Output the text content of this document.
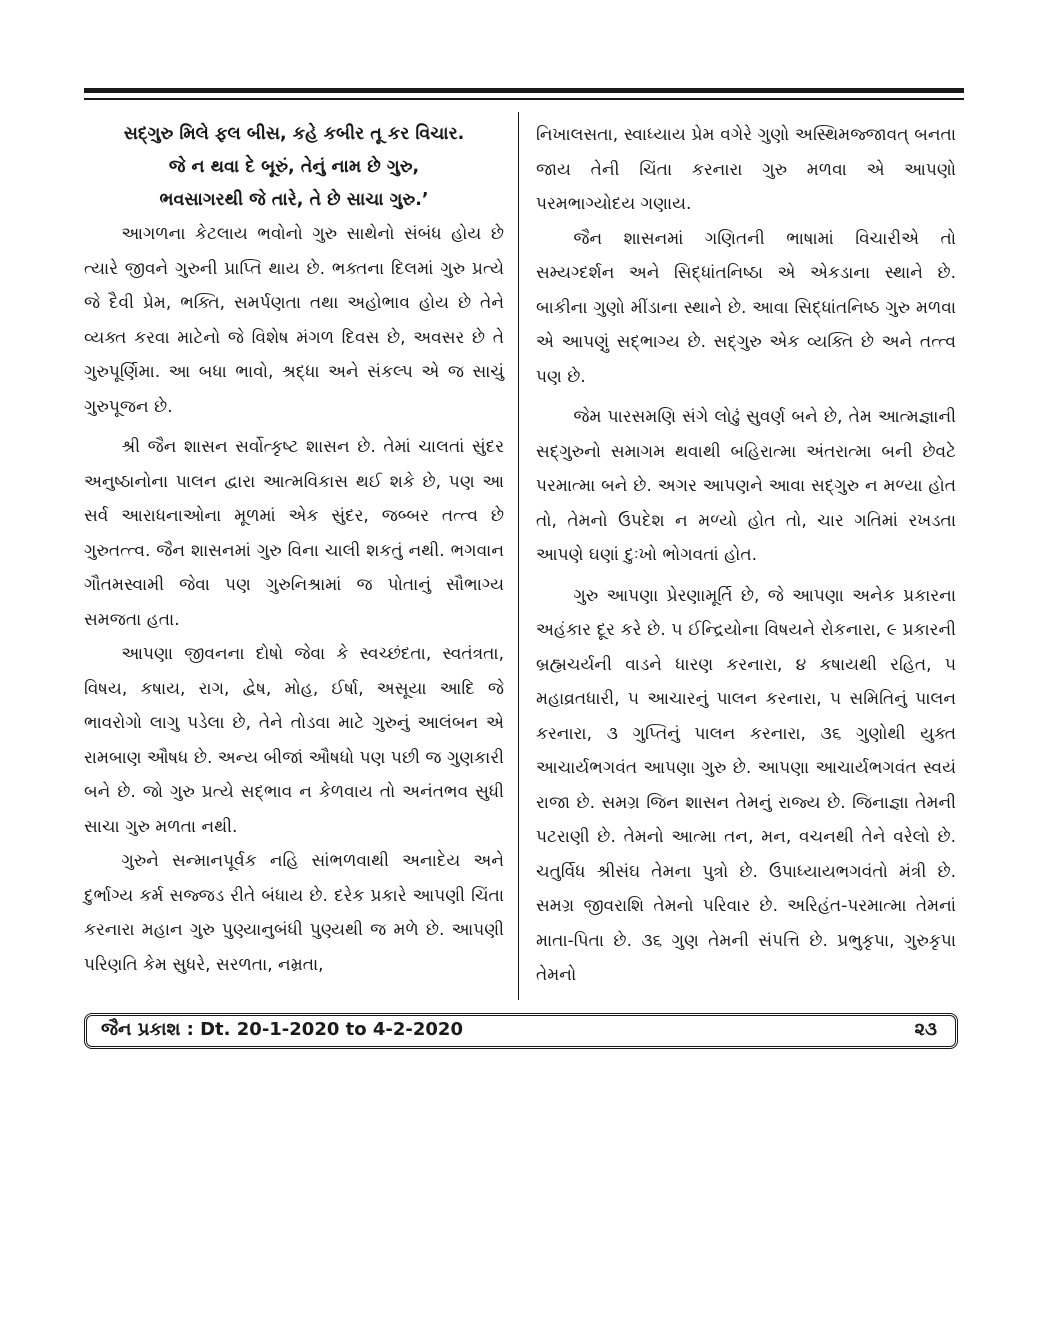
સદ્ગુરુ મિલે ફલ બીસ, કહે કબીર તૂ કર વિચાર.

જે ન થવા દે બૂરું, તેનું નામ છે ગુરુ,

ભવસાગરથી જે તારે, તે છે સાચા ગુરુ.’

આગળના કેટલાય ભવોનો ગુરુ સાથેનો સંબંધ હોય છે ત્યારે જીવને ગુરુની પ્રાપ્તિ થાય છે. ભક્તના દિલમાં ગુરુ પ્રત્યે જે દૈવી પ્રેમ, ભક્તિ, સમર્પણતા તથા અહોભાવ હોય છે તેને વ્યક્ત કરવા માટેનો જે વિશેષ મંગળ દિવસ છે, અવસર છે તે ગુરુપૂર્ણિમા. આ બધા ભાવો, શ્રદ્ધા અને સંકલ્પ એ જ સાચું ગુરુપૂજન છે.

શ્રી જૈન શાસન સર્વોત્કૃષ્ટ શાસન છે. તેમાં ચાલતાં સુંદર અનુષ્ઠાનોના પાલન દ્વારા આત્મવિકાસ થઈ શકે છે, પણ આ સર્વ આરાધનાઓના મૂળમાં એક સુંદર, જબ્બર તત્ત્વ છે ગુરુતત્ત્વ. જૈન શાસનમાં ગુરુ વિના ચાલી શકતું નથી. ભગવાન ગૌતમસ્વામી જેવા પણ ગુરુનિશ્રામાં જ પોતાનું સૌભાગ્ય સમજતા હતા.

આપણા જીવનના દોષો જેવા કે સ્વચ્છંદતા, સ્વતંત્રતા, વિષય, કષાય, રાગ, દ્વેષ, મોહ, ઈર્ષા, અસૂયા આદિ જે ભાવરોગો લાગુ પડેલા છે, તેને તોડવા માટે ગુરુનું આલંબન એ રામબાણ ઔષધ છે. અન્ય બીજાં ઔષધો પણ પછી જ ગુણકારી બને છે. જો ગુરુ પ્રત્યે સદ્ભાવ ન કેળવાય તો અનંતભવ સુધી સાચા ગુરુ મળતા નથી.

ગુરુને સન્માનપૂર્વક નહિ સાંભળવાથી અનાદેય અને દુર્ભાગ્ય કર્મ સજ્જડ રીતે બંધાય છે. દરેક પ્રકારે આપણી ચિંતા કરનારા મહાન ગુરુ પુણ્યાનુબંધી પુણ્યથી જ મળે છે. આપણી પરિણતિ કેમ સુધરે, સરળતા, નમ્રતા,

નિખાલસતા, સ્વાધ્યાય પ્રેમ વગેરે ગુણો અસ્થિમજ્જાવત્ બનતા જાય તેની ચિંતા કરનારા ગુરુ મળવા એ આપણો પરમભાગ્યોદય ગણાય.

જૈન શાસનમાં ગણિતની ભાષામાં વિચારીએ તો સમ્યગ્દર્શન અને સિદ્ધાંતનિષ્ઠા એ એકડાના સ્થાને છે. બાકીના ગુણો મીંડાના સ્થાને છે. આવા સિદ્ધાંતનિષ્ઠ ગુરુ મળવા એ આપણું સદ્ભાગ્ય છે. સદ્ગુરુ એક વ્યક્તિ છે અને તત્ત્વ પણ છે.

જેમ પારસમણિ સંગે લોઢું સુવર્ણ બને છે, તેમ આત્મજ્ઞાની સદ્ગુરુનો સમાગમ થવાથી બહિરાત્મા અંતરાત્મા બની છેવટે પરમાત્મા બને છે. અગર આપણને આવા સદ્ગુરુ ન મળ્યા હોત તો, તેમનો ઉપદેશ ન મળ્યો હોત તો, ચાર ગતિમાં રખડતા આપણે ઘણાં દુઃખો ભોગવતાં હોત.

ગુરુ આપણા પ્રેરણામૂર્તિ છે, જે આપણા અનેક પ્રકારના અહંકાર દૂર કરે છે. ૫ ઈન્દ્રિયોના વિષયને રોકનારા, ૯ પ્રકારની બ્રહ્મચર્યની વાડને ધારણ કરનારા, ૪ કષાયથી રહિત, ૫ મહાવ્રતધારી, ૫ આચારનું પાલન કરનારા, ૫ સમિતિનું પાલન કરનારા, ૩ ગુપ્તિનું પાલન કરનારા, ૩૬ ગુણોથી યુક્ત આચાર્યભગવંત આપણા ગુરુ છે. આપણા આચાર્યભગવંત સ્વયં રાજા છે. સમગ્ર જિન શાસન તેમનું રાજ્ય છે. જિનાજ્ઞા તેમની પટરાણી છે. તેમનો આત્મા તન, મન, વચનથી તેને વરેલો છે. ચતુર્વિધ શ્રીસંઘ તેમના પુત્રો છે. ઉપાધ્યાયભગવંતો મંત્રી છે. સમગ્ર જીવરાશિ તેમનો પરિવાર છે. અરિહંત-પરમાત્મા તેમનાં માતા-પિતા છે. ૩૬ ગુણ તેમની સંપત્તિ છે. પ્રભુકૃપા, ગુરુકૃપા તેમનો

જૈન પ્રકાશ : Dt. 20-1-2020 to 4-2-2020	૨૩
